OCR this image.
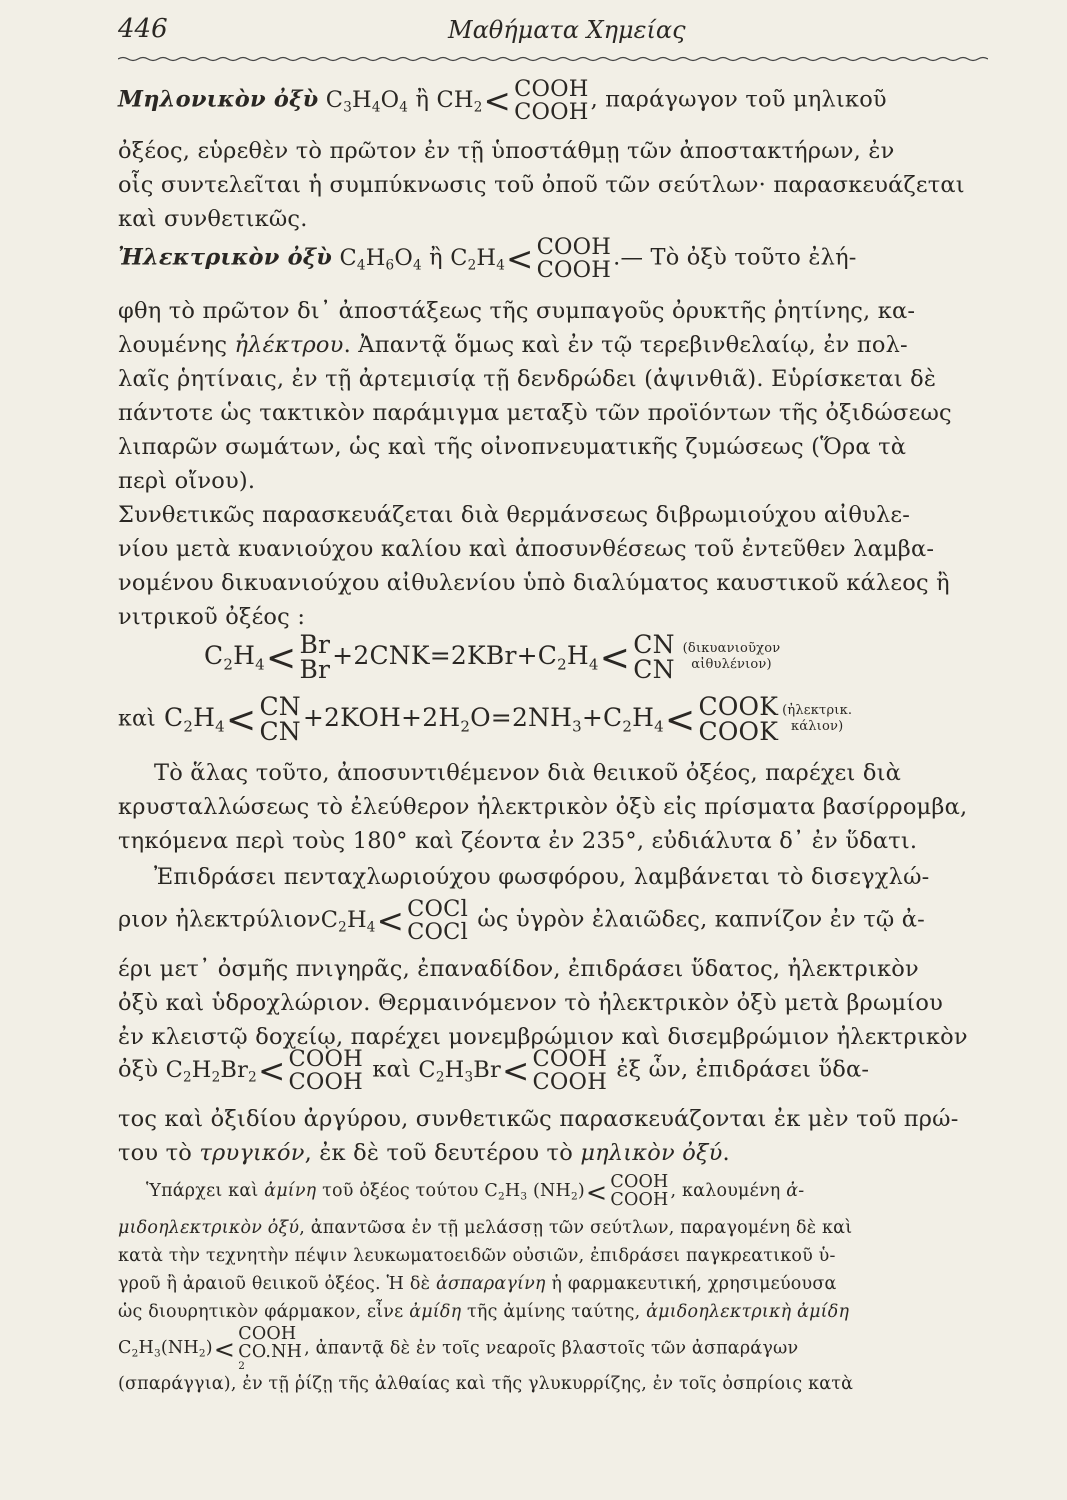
446	Μαθήματα Χημείας
Μηλονικὸν ὀξὺ $C_3H_4O_4$ ἢ $CH_2<$ COOH
COOH , παράγωγον τοῦ μηλικοῦ
ὀξέος, εὑρεθὲν τὸ πρῶτον ἐν τῇ ὑποστάθμῃ τῶν ἀποστακτήρων, ἐν
οἷς συντελεῖται ἡ συμπύκνωσις τοῦ ὀποῦ τῶν σεύτλων· παρασκευάζεται
καὶ συνθετικῶς.
Ἠλεκτρικὸν ὀξὺ $C_4H_6O_4$ ἢ $C_2H_4<$ COOH
COOH .— Τὸ ὀξὺ τοῦτο ἐλή-
φθη τὸ πρῶτον δι᾽ ἀποστάξεως τῆς συμπαγοῦς ὀρυκτῆς ῥητίνης, κα-
λουμένης ἠλέκτρου. Ἀπαντᾷ ὅμως καὶ ἐν τῷ τερεβινθελαίῳ, ἐν πολ-
λαῖς ῥητίναις, ἐν τῇ ἀρτεμισίᾳ τῇ δενδρώδει (ἀψινθιᾶ). Εὑρίσκεται δὲ
πάντοτε ὡς τακτικὸν παράμιγμα μεταξὺ τῶν προϊόντων τῆς ὀξιδώσεως
λιπαρῶν σωμάτων, ὡς καὶ τῆς οἰνοπνευματικῆς ζυμώσεως (Ὅρα τὰ
περὶ οἴνου).
Συνθετικῶς παρασκευάζεται διὰ θερμάνσεως διβρωμιούχου αἰθυλε-
νίου μετὰ κυανιούχου καλίου καὶ ἀποσυνθέσεως τοῦ ἐντεῦθεν λαμβα-
νομένου δικυανιούχου αἰθυλενίου ὑπὸ διαλύματος καυστικοῦ κάλεος ἢ
νιτρικοῦ ὀξέος :
$C_2H_4< Br$
$Br +2CNK=2KBr+C_2H_4<$ CN
CN
(δικυανιοῦχον
αἰθυλένιον)
καὶ $C_2H_4<$ CN
CN $+2KOH+2H_2O=2NH_3+C_2H_4<$ COOK
COOK
(ἠλεκτρικ.
κάλιον)
Τὸ ἅλας τοῦτο, ἀποσυντιθέμενον διὰ θειικοῦ ὀξέος, παρέχει διὰ
κρυσταλλώσεως τὸ ἐλεύθερον ἠλεκτρικὸν ὀξὺ εἰς πρίσματα βασίρρομβα,
τηκόμενα περὶ τοὺς 180° καὶ ζέοντα ἐν 235°, εὐδιάλυτα δ᾽ ἐν ὕδατι.
Ἐπιδράσει πενταχλωριούχου φωσφόρου, λαμβάνεται τὸ δισεγχλώ-
ριον $ἠ\lambda\varepsilon\kappa\tau\rho ύ\lambda\iota o\nu C_2H_4<$ COCl
COCl ὡς ὑγρὸν ἐλαιῶδες, καπνίζον ἐν τῷ ἀ-
έρι μετ᾽ ὀσμῆς πνιγηρᾶς, ἐπαναδίδον, ἐπιδράσει ὕδατος, ἠλεκτρικὸν
ὀξὺ καὶ ὑδροχλώριον. Θερμαινόμενον τὸ ἠλεκτρικὸν ὀξὺ μετὰ βρωμίου
ἐν κλειστῷ δοχείῳ, παρέχει μονεμβρώμιον καὶ δισεμβρώμιον ἠλεκτρικὸν
ὀξὺ $C_2H_2Br_2<$ COOH
COOH καὶ $C_2H_3Br<$ COOH
COOH ἐξ ὧν, ἐπιδράσει ὕδα-
τος καὶ ὀξιδίου ἀργύρου, συνθετικῶς παρασκευάζονται ἐκ μὲν τοῦ πρώ-
του τὸ τρυγικόν, ἐκ δὲ τοῦ δευτέρου τὸ μηλικὸν ὀξύ.
Ὑπάρχει καὶ ἀμίνη τοῦ ὀξέος τούτου $C_2H_3$ $(NH_2)<$ COOH
COOH , καλουμένη ἀ-
μιδοηλεκτρικὸν ὀξύ, ἀπαντῶσα ἐν τῇ μελάσσῃ τῶν σεύτλων, παραγομένη δὲ καὶ
κατὰ τὴν τεχνητὴν πέψιν λευκωματοειδῶν οὐσιῶν, ἐπιδράσει παγκρεατικοῦ ὑ-
γροῦ ἢ ἀραιοῦ θειικοῦ ὀξέος. Ἡ δὲ ἀσπαραγίνη ἡ φαρμακευτική, χρησιμεύουσα
ὡς διουρητικὸν φάρμακον, εἶνε ἀμίδη τῆς ἀμίνης ταύτης, ἀμιδοηλεκτρικὴ ἀμίδη
$C_2H_3(NH_2)<$ COOH
CO.NH
2
, ἀπαντᾷ δὲ ἐν τοῖς νεαροῖς βλαστοῖς τῶν ἀσπαράγων
(σπαράγγια), ἐν τῇ ῥίζῃ τῆς ἀλθαίας καὶ τῆς γλυκυρρίζης, ἐν τοῖς ὀσπρίοις κατὰ
